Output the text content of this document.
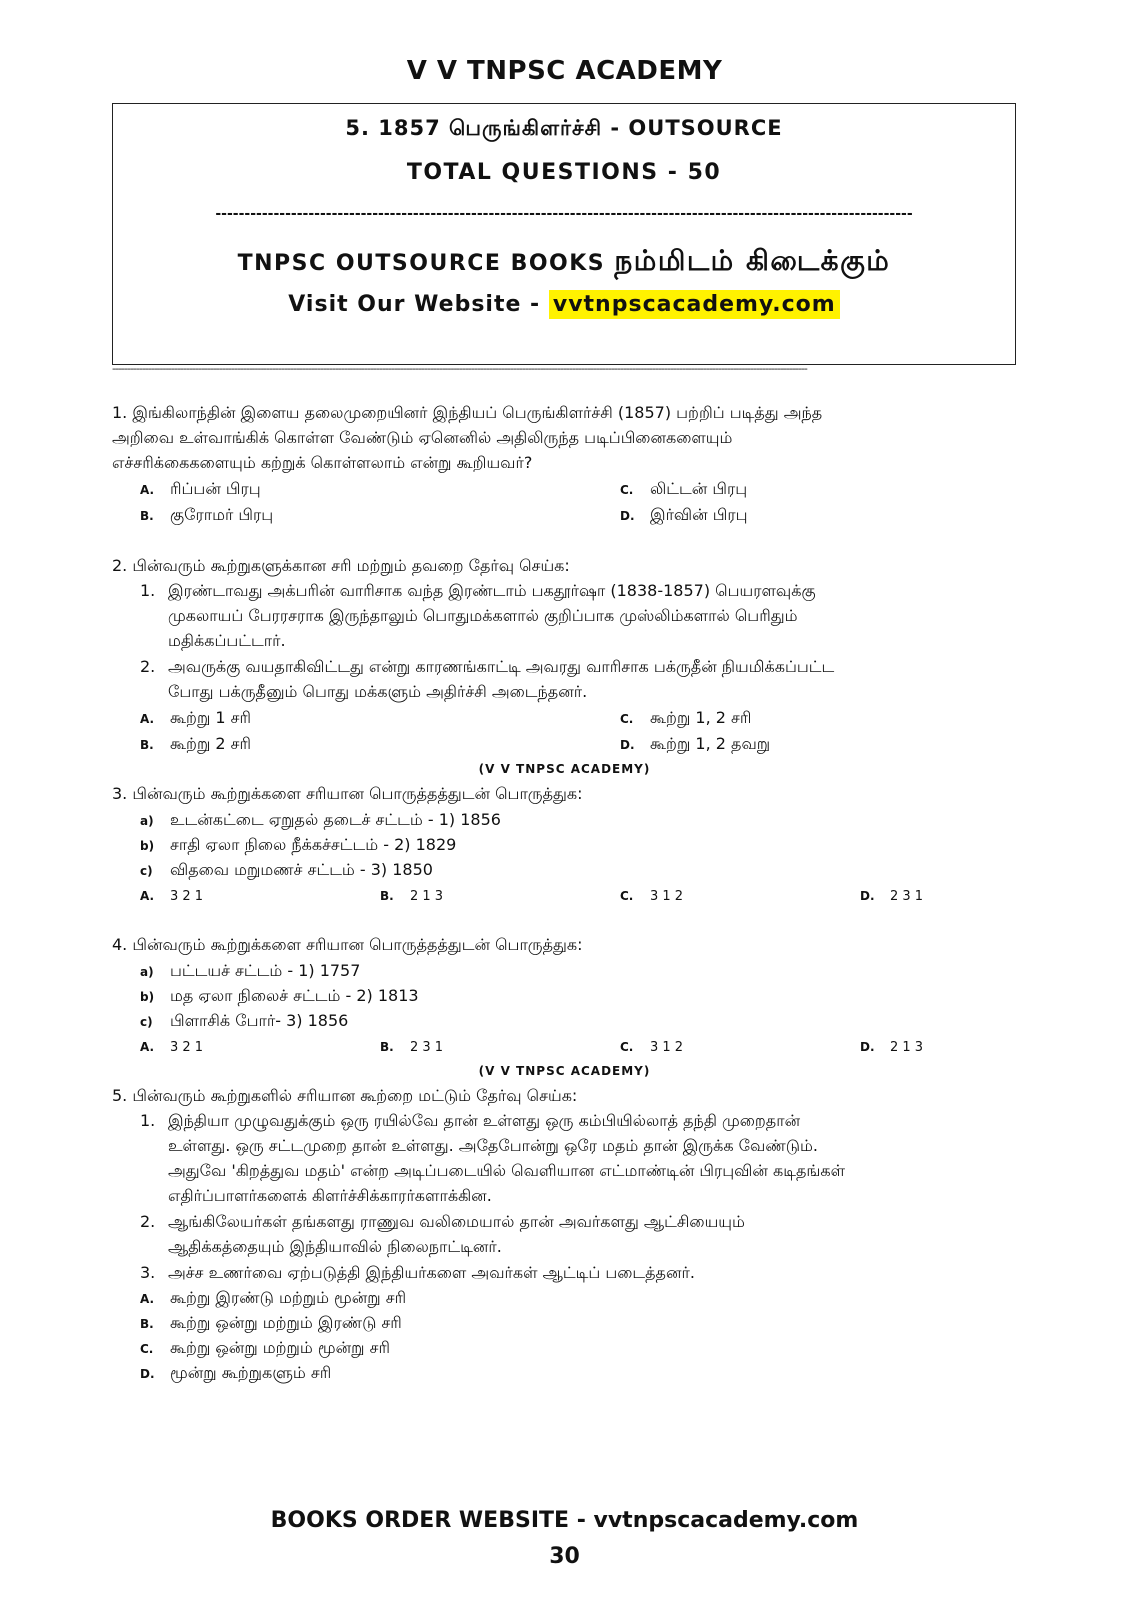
V V TNPSC ACADEMY
5. 1857 பெருங்கிளர்ச்சி - OUTSOURCE
TOTAL QUESTIONS - 50
------------------------------------------------------------------------------------------------------------------------
TNPSC OUTSOURCE BOOKS நம்மிடம் கிடைக்கும்
Visit Our Website - vvtnpscacademy.com
------------------------------------------------------------------------------------------------------------------------------------------------------------------------------------------------------------------------------------------
1. இங்கிலாந்தின் இளைய தலைமுறையினர் இந்தியப் பெருங்கிளர்ச்சி (1857) பற்றிப் படித்து அந்த
அறிவை உள்வாங்கிக் கொள்ள வேண்டும் ஏனெனில் அதிலிருந்த படிப்பினைகளையும்
எச்சரிக்கைகளையும் கற்றுக் கொள்ளலாம் என்று கூறியவர்?
A. ரிப்பன் பிரபு	C. லிட்டன் பிரபு
B. குரோமர் பிரபு	D. இர்வின் பிரபு
2. பின்வரும் கூற்றுகளுக்கான சரி மற்றும் தவறை தேர்வு செய்க:
1. இரண்டாவது அக்பரின் வாரிசாக வந்த இரண்டாம் பகதூர்ஷா (1838-1857) பெயரளவுக்கு
முகலாயப் பேரரசராக இருந்தாலும் பொதுமக்களால் குறிப்பாக முஸ்லிம்களால் பெரிதும்
மதிக்கப்பட்டார்.
2. அவருக்கு வயதாகிவிட்டது என்று காரணங்காட்டி அவரது வாரிசாக பக்ருதீன் நியமிக்கப்பட்ட
போது பக்ருதீனும் பொது மக்களும் அதிர்ச்சி அடைந்தனர்.
A. கூற்று 1 சரி	C. கூற்று 1, 2 சரி
B. கூற்று 2 சரி	D. கூற்று 1, 2 தவறு
(V V TNPSC ACADEMY)
3. பின்வரும் கூற்றுக்களை சரியான பொருத்தத்துடன் பொருத்துக:
a) உடன்கட்டை ஏறுதல் தடைச் சட்டம் - 1) 1856
b) சாதி ஏலா நிலை நீக்கச்சட்டம் - 2) 1829
c) விதவை மறுமணச் சட்டம் - 3) 1850
A. 3 2 1	B. 2 1 3	C. 3 1 2	D. 2 3 1
4. பின்வரும் கூற்றுக்களை சரியான பொருத்தத்துடன் பொருத்துக:
a) பட்டயச் சட்டம் - 1) 1757
b) மத ஏலா நிலைச் சட்டம் - 2) 1813
c) பிளாசிக் போர்- 3) 1856
A. 3 2 1	B. 2 3 1	C. 3 1 2	D. 2 1 3
(V V TNPSC ACADEMY)
5. பின்வரும் கூற்றுகளில் சரியான கூற்றை மட்டும் தேர்வு செய்க:
1. இந்தியா முழுவதுக்கும் ஒரு ரயில்வே தான் உள்ளது ஒரு கம்பியில்லாத் தந்தி முறைதான்
உள்ளது. ஒரு சட்டமுறை தான் உள்ளது. அதேபோன்று ஒரே மதம் தான் இருக்க வேண்டும்.
அதுவே 'கிறத்துவ மதம்' என்ற அடிப்படையில் வெளியான எட்மாண்டின் பிரபுவின் கடிதங்கள்
எதிர்ப்பாளர்களைக் கிளர்ச்சிக்காரர்களாக்கின.
2. ஆங்கிலேயர்கள் தங்களது ராணுவ வலிமையால் தான் அவர்களது ஆட்சியையும்
ஆதிக்கத்தையும் இந்தியாவில் நிலைநாட்டினர்.
3. அச்ச உணர்வை ஏற்படுத்தி இந்தியர்களை அவர்கள் ஆட்டிப் படைத்தனர்.
A. கூற்று இரண்டு மற்றும் மூன்று சரி
B. கூற்று ஒன்று மற்றும் இரண்டு சரி
C. கூற்று ஒன்று மற்றும் மூன்று சரி
D. மூன்று கூற்றுகளும் சரி
BOOKS ORDER WEBSITE - vvtnpscacademy.com
30
